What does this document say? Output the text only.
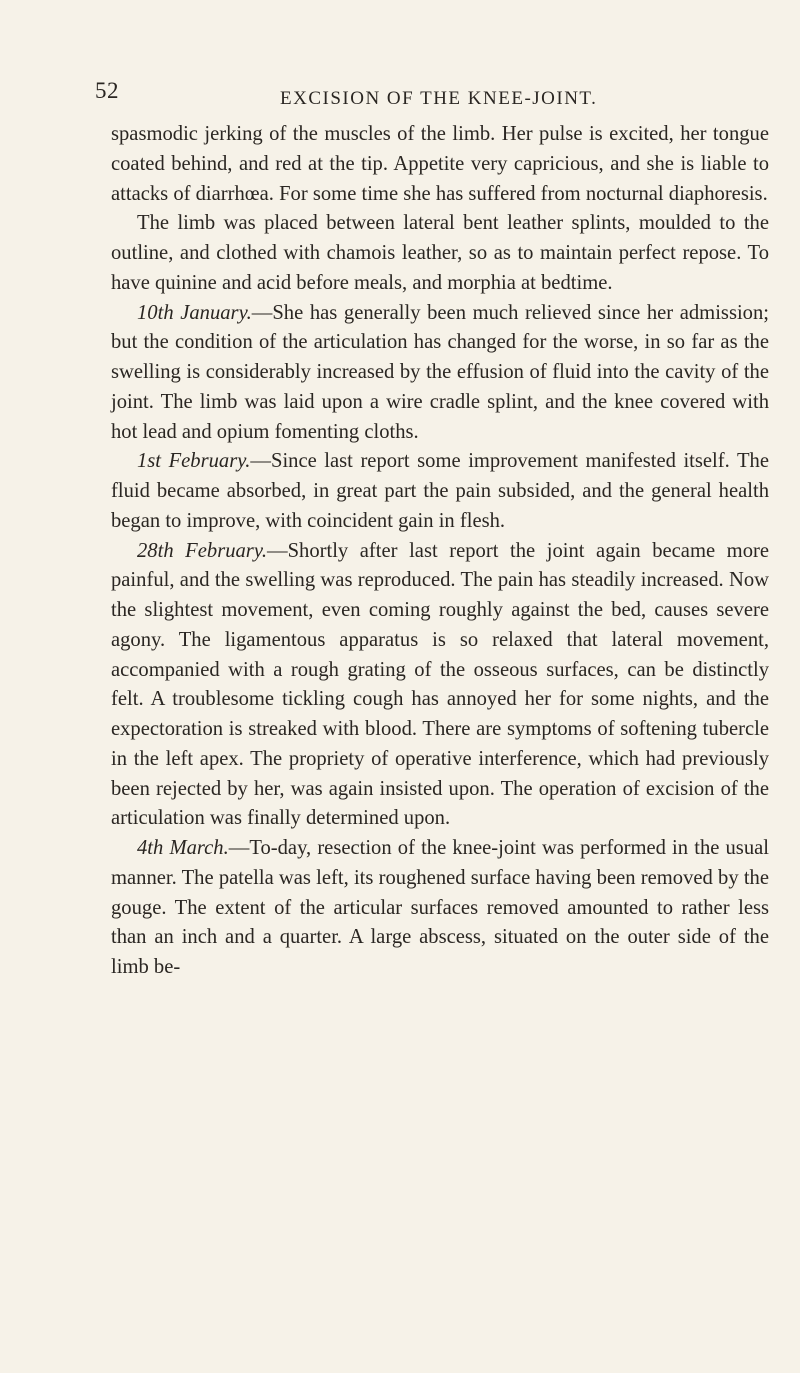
52	EXCISION OF THE KNEE-JOINT.

spasmodic jerking of the muscles of the limb. Her pulse is excited, her tongue coated behind, and red at the tip. Appetite very capricious, and she is liable to attacks of diarrhœa. For some time she has suffered from nocturnal diaphoresis.

The limb was placed between lateral bent leather splints, moulded to the outline, and clothed with chamois leather, so as to maintain perfect repose. To have quinine and acid before meals, and morphia at bedtime.

10th January.—She has generally been much relieved since her admission; but the condition of the articulation has changed for the worse, in so far as the swelling is considerably increased by the effusion of fluid into the cavity of the joint. The limb was laid upon a wire cradle splint, and the knee covered with hot lead and opium fomenting cloths.

1st February.—Since last report some improvement manifested itself. The fluid became absorbed, in great part the pain subsided, and the general health began to improve, with coincident gain in flesh.

28th February.—Shortly after last report the joint again became more painful, and the swelling was reproduced. The pain has steadily increased. Now the slightest movement, even coming roughly against the bed, causes severe agony. The ligamentous apparatus is so relaxed that lateral movement, accompanied with a rough grating of the osseous surfaces, can be distinctly felt. A troublesome tickling cough has annoyed her for some nights, and the expectoration is streaked with blood. There are symptoms of softening tubercle in the left apex. The propriety of operative interference, which had previously been rejected by her, was again insisted upon. The operation of excision of the articulation was finally determined upon.

4th March.—To-day, resection of the knee-joint was performed in the usual manner. The patella was left, its roughened surface having been removed by the gouge. The extent of the articular surfaces removed amounted to rather less than an inch and a quarter. A large abscess, situated on the outer side of the limb be-
